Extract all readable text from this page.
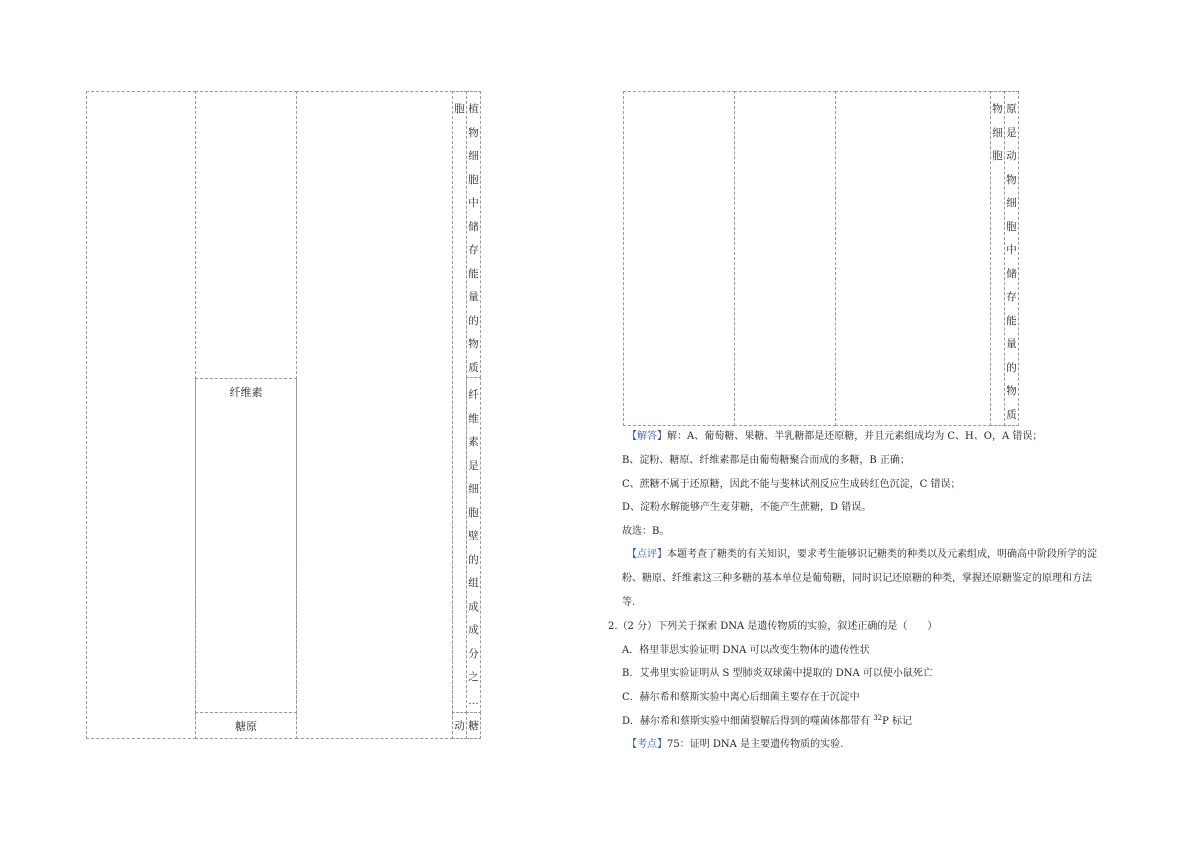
纤维素
糖原
胞
动
植
物
细
胞
中
储
存
能
量
的
物
质
纤
维
素
是
细
胞
壁
的
组
成
成
分
之
…
糖
物
细
胞
原
是
动
物
细
胞
中
储
存
能
量
的
物
质
【解答】解：A、葡萄糖、果糖、半乳糖都是还原糖，并且元素组成均为 C、H、O，A 错误；
B、淀粉、糖原、纤维素都是由葡萄糖聚合而成的多糖，B 正确；
C、蔗糖不属于还原糖，因此不能与斐林试剂反应生成砖红色沉淀，C 错误；
D、淀粉水解能够产生麦芽糖，不能产生蔗糖，D 错误。
故选：B。
【点评】本题考查了糖类的有关知识，要求考生能够识记糖类的种类以及元素组成，明确高中阶段所学的淀
粉、糖原、纤维素这三种多糖的基本单位是葡萄糖，同时识记还原糖的种类，掌握还原糖鉴定的原理和方法
等.
2.（2 分）下列关于探索 DNA 是遗传物质的实验，叙述正确的是（　　）
A．格里菲思实验证明 DNA 可以改变生物体的遗传性状
B．艾弗里实验证明从 S 型肺炎双球菌中提取的 DNA 可以使小鼠死亡
C．赫尔希和蔡斯实验中离心后细菌主要存在于沉淀中
D．赫尔希和蔡斯实验中细菌裂解后得到的噬菌体都带有 $^{32}$P 标记
【考点】75：证明 DNA 是主要遗传物质的实验.
